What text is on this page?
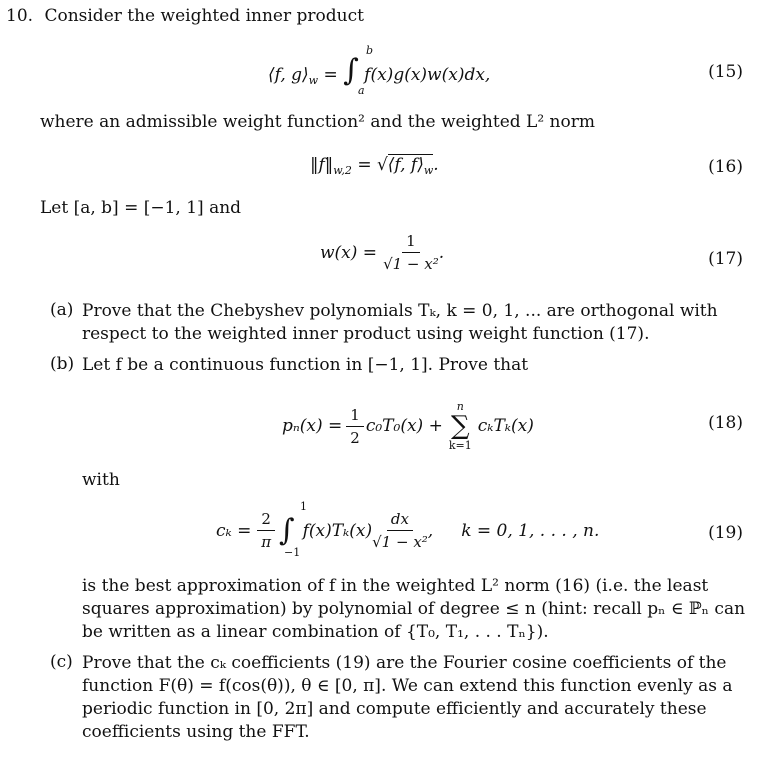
10. Consider the weighted inner product
⟨f, $g⟩_w$ = ∫ f(x)g(x)w(x)dx,
b
a
(15)
where an admissible weight function² and the weighted L² norm
$‖f‖_{w,2}$ = √⟨f, $f⟩_w$.	(16)
Let [a, b] = [−1, 1] and
$w(x) = \frac{1}{\text{√1 − x²}}$ .	(17)
(a) Prove that the Chebyshev polynomials Tₖ, k = 0, 1, ... are orthogonal with respect to the weighted inner product using weight function (17).
(b) Let f be a continuous function in [−1, 1]. Prove that
$p_n(x) = \frac{1}{2} c_0T_0(x)$ +
n
∑
k=1
cₖTₖ(x)	(18)
with
$c_k = \frac{2}{\pi}$ ∫ $f(x)T_k(x) \frac{dx}{\text{√1 − x²}}$ , k = 0, 1, . . . , n.
1
−1
(19)
is the best approximation of f in the weighted L² norm (16) (i.e. the least squares approximation) by polynomial of degree ≤ n (hint: recall pₙ ∈ ℙₙ can be written as a linear combination of {T₀, T₁, . . . Tₙ}).
(c) Prove that the cₖ coefficients (19) are the Fourier cosine coefficients of the function F(θ) = f(cos(θ)), θ ∈ [0, π]. We can extend this function evenly as a periodic function in [0, 2π] and compute efficiently and accurately these coefficients using the FFT.
